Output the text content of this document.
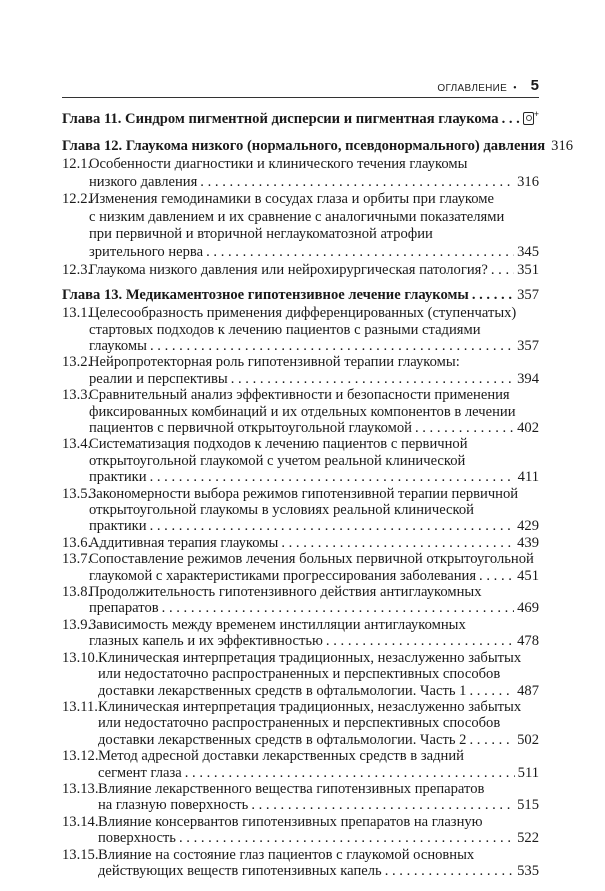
ОГЛАВЛЕНИЕ • 5
Глава 11. Синдром пигментной дисперсии и пигментная глаукома . . .	+
Глава 12. Глаукома низкого (нормального, псевдонормального) давления 316
12.1.
Особенности диагностики и клинического течения глаукомы
низкого давления . . .	316
12.2.
Изменения гемодинамики в сосудах глаза и орбиты при глаукоме
с низким давлением и их сравнение с аналогичными показателями
при первичной и вторичной неглаукоматозной атрофии
зрительного нерва . . .	345
12.3.
Глаукома низкого давления или нейрохирургическая патология? . . . 351
Глава 13. Медикаментозное гипотензивное лечение глаукомы . . .	357
13.1.
Целесообразность применения дифференцированных (ступенчатых)
стартовых подходов к лечению пациентов с разными стадиями
глаукомы . . .	357
13.2.
Нейропротекторная роль гипотензивной терапии глаукомы:
реалии и перспективы . . .	394
13.3.
Сравнительный анализ эффективности и безопасности применения
фиксированных комбинаций и их отдельных компонентов в лечении
пациентов с первичной открытоугольной глаукомой . . .	402
13.4.
Систематизация подходов к лечению пациентов с первичной
открытоугольной глаукомой с учетом реальной клинической
практики . . .	411
13.5.
Закономерности выбора режимов гипотензивной терапии первичной
открытоугольной глаукомы в условиях реальной клинической
практики . . .	429
13.6.
Аддитивная терапия глаукомы . . .	439
13.7.
Сопоставление режимов лечения больных первичной открытоугольной
глаукомой с характеристиками прогрессирования заболевания . . .	451
13.8.
Продолжительность гипотензивного действия антиглаукомных
препаратов . . .	469
13.9.
Зависимость между временем инстилляции антиглаукомных
глазных капель и их эффективностью . . .	478
13.10. Клиническая интерпретация традиционных, незаслуженно забытых
или недостаточно распространенных и перспективных способов
доставки лекарственных средств в офтальмологии. Часть 1 . . .	487
13.11. Клиническая интерпретация традиционных, незаслуженно забытых
или недостаточно распространенных и перспективных способов
доставки лекарственных средств в офтальмологии. Часть 2 . . .	502
13.12. Метод адресной доставки лекарственных средств в задний
сегмент глаза . . .	511
13.13. Влияние лекарственного вещества гипотензивных препаратов
на глазную поверхность . . .	515
13.14. Влияние консервантов гипотензивных препаратов на глазную
поверхность . . .	522
13.15. Влияние на состояние глаз пациентов с глаукомой основных
действующих веществ гипотензивных капель . . .	535
